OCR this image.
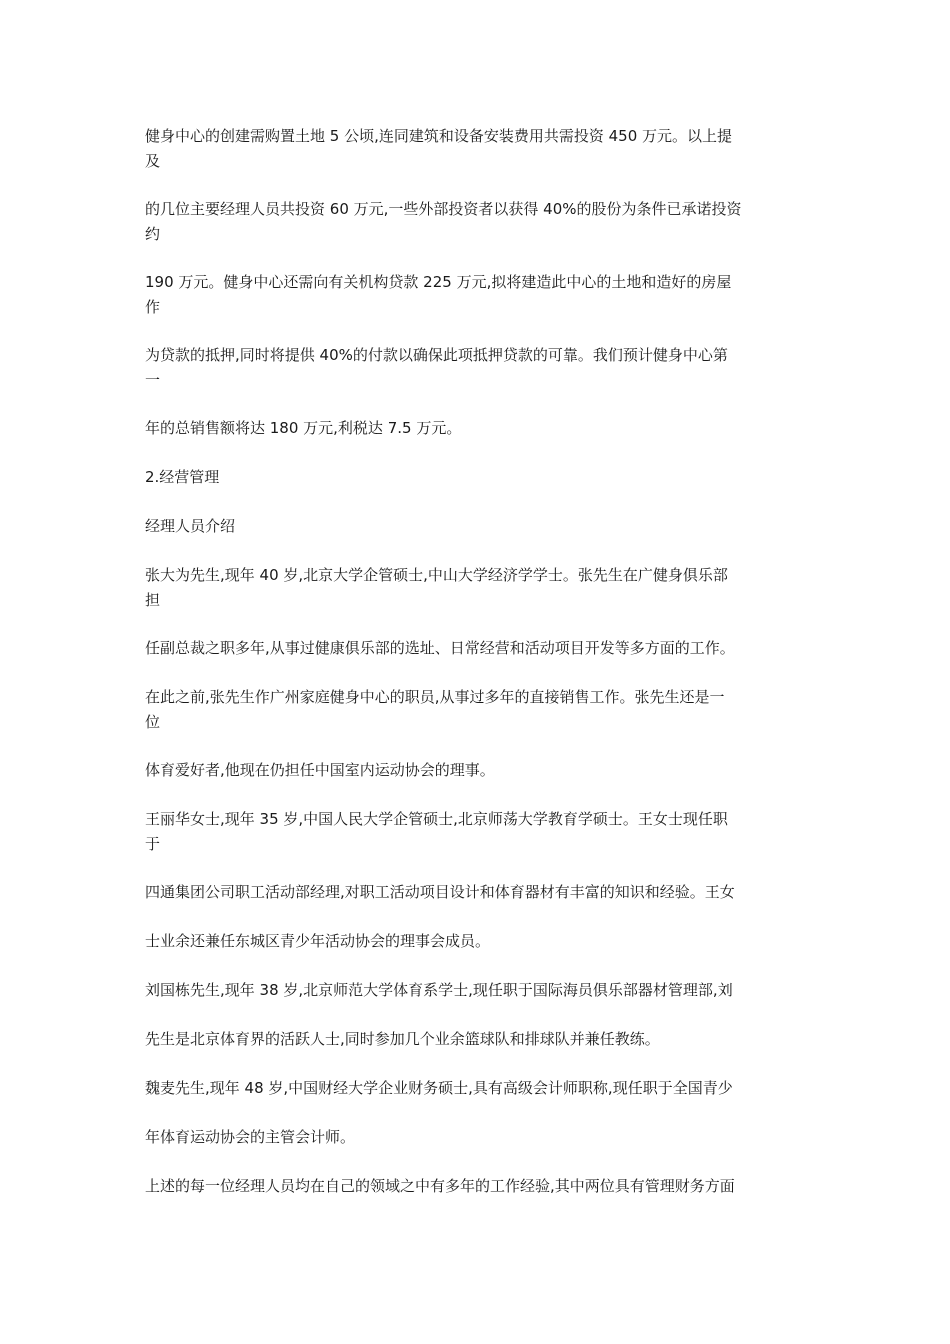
健身中心的创建需购置土地 5 公顷,连同建筑和设备安装费用共需投资 450 万元。以上提

及

的几位主要经理人员共投资 60 万元,一些外部投资者以获得 40%的股份为条件已承诺投资

约

190 万元。健身中心还需向有关机构贷款 225 万元,拟将建造此中心的土地和造好的房屋

作

为贷款的抵押,同时将提供 40%的付款以确保此项抵押贷款的可靠。我们预计健身中心第

一

年的总销售额将达 180 万元,利税达 7.5 万元。

2.经营管理

经理人员介绍

张大为先生,现年 40 岁,北京大学企管硕士,中山大学经济学学士。张先生在广健身俱乐部

担

任副总裁之职多年,从事过健康俱乐部的选址、日常经营和活动项目开发等多方面的工作。

在此之前,张先生作广州家庭健身中心的职员,从事过多年的直接销售工作。张先生还是一

位

体育爱好者,他现在仍担任中国室内运动协会的理事。

王丽华女士,现年 35 岁,中国人民大学企管硕士,北京师荡大学教育学硕士。王女士现任职

于

四通集团公司职工活动部经理,对职工活动项目设计和体育器材有丰富的知识和经验。王女

士业余还兼任东城区青少年活动协会的理事会成员。

刘国栋先生,现年 38 岁,北京师范大学体育系学士,现任职于国际海员俱乐部器材管理部,刘

先生是北京体育界的活跃人士,同时参加几个业余篮球队和排球队并兼任教练。

魏麦先生,现年 48 岁,中国财经大学企业财务硕士,具有高级会计师职称,现任职于全国青少

年体育运动协会的主管会计师。

上述的每一位经理人员均在自己的领域之中有多年的工作经验,其中两位具有管理财务方面
